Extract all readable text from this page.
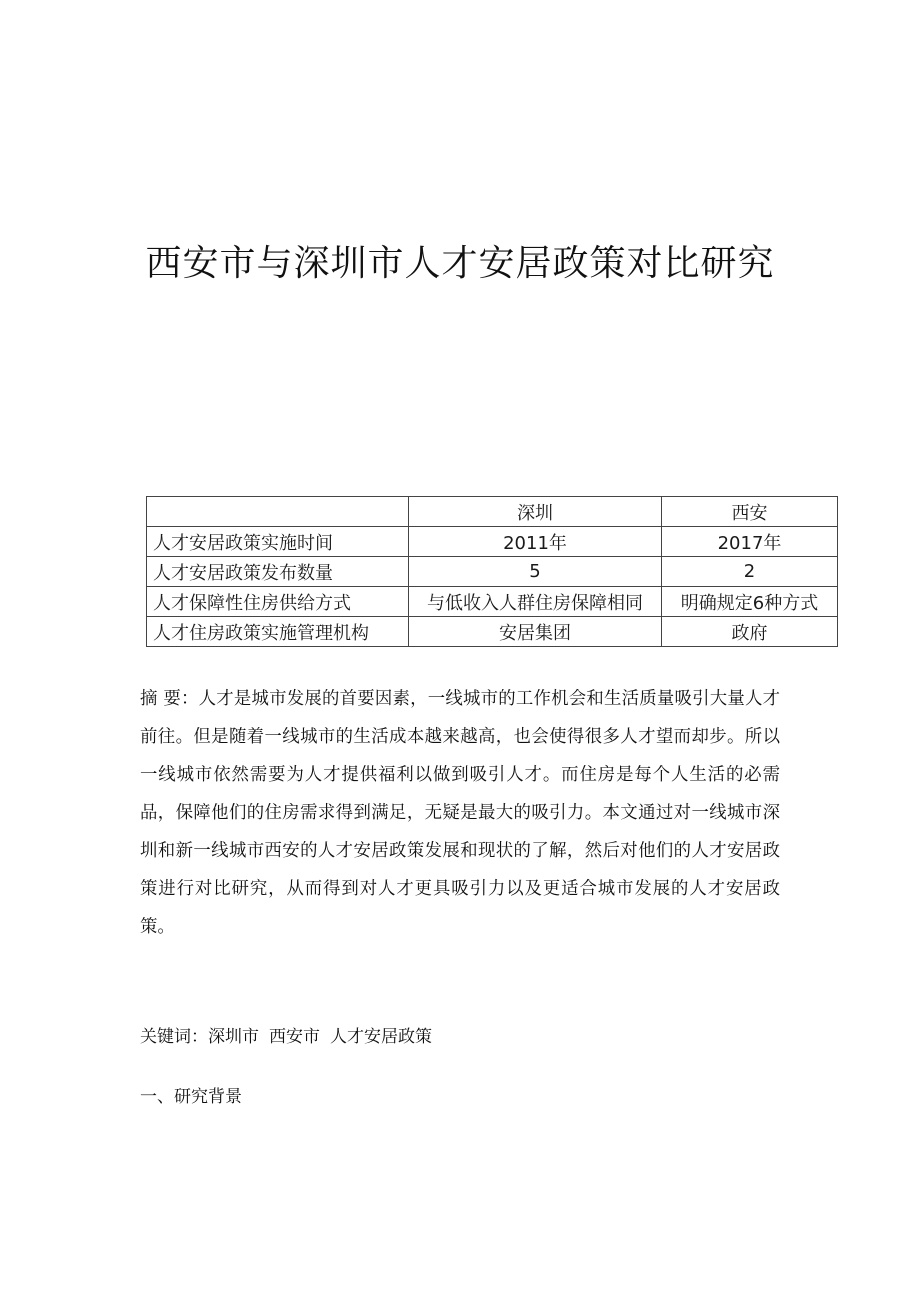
西安市与深圳市人才安居政策对比研究
	深圳	西安
人才安居政策实施时间	2011年	2017年
人才安居政策发布数量	5	2
人才保障性住房供给方式	与低收入人群住房保障相同	明确规定6种方式
人才住房政策实施管理机构	安居集团	政府

摘 要：人才是城市发展的首要因素，一线城市的工作机会和生活质量吸引大量人才前往。但是随着一线城市的生活成本越来越高，也会使得很多人才望而却步。所以一线城市依然需要为人才提供福利以做到吸引人才。而住房是每个人生活的必需品，保障他们的住房需求得到满足，无疑是最大的吸引力。本文通过对一线城市深圳和新一线城市西安的人才安居政策发展和现状的了解，然后对他们的人才安居政策进行对比研究，从而得到对人才更具吸引力以及更适合城市发展的人才安居政策。

关键词：深圳市 西安市 人才安居政策

一、研究背景
